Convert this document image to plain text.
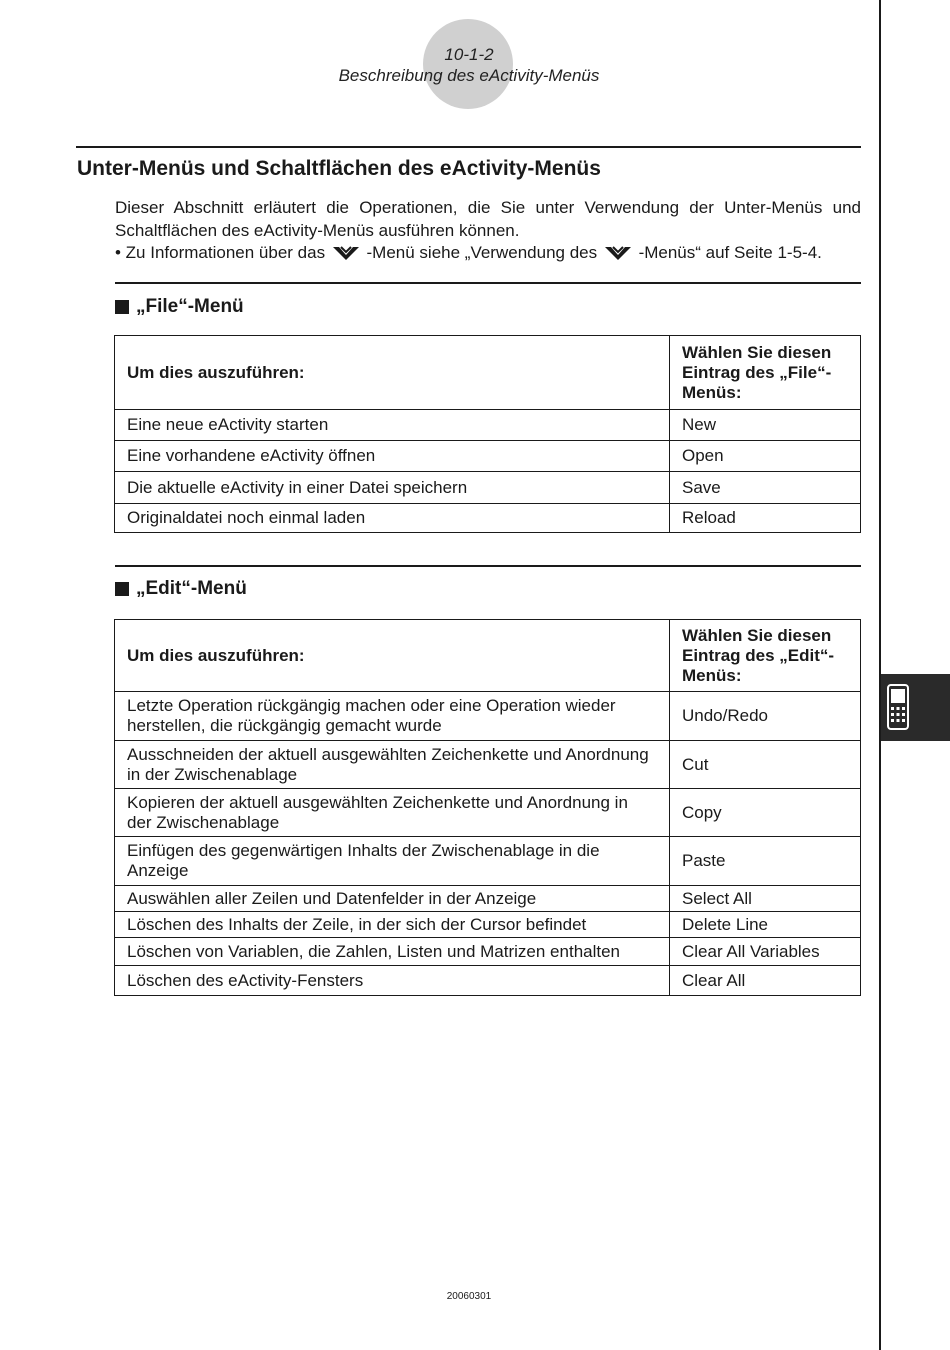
10-1-2
Beschreibung des eActivity-Menüs
Unter-Menüs und Schaltflächen des eActivity-Menüs

Dieser Abschnitt erläutert die Operationen, die Sie unter Verwendung der Unter-Menüs und Schaltflächen des eActivity-Menüs ausführen können.

• Zu Informationen über das  -Menü siehe „Verwendung des  -Menüs“ auf Seite 1-5-4.
„File“-Menü
Um dies auszuführen:	Wählen Sie diesen Eintrag des „File“-Menüs:
Eine neue eActivity starten	New
Eine vorhandene eActivity öffnen	Open
Die aktuelle eActivity in einer Datei speichern	Save
Originaldatei noch einmal laden	Reload
„Edit“-Menü
Um dies auszuführen:	Wählen Sie diesen Eintrag des „Edit“-Menüs:
Letzte Operation rückgängig machen oder eine Operation wieder herstellen, die rückgängig gemacht wurde	Undo/Redo
Ausschneiden der aktuell ausgewählten Zeichenkette und Anordnung in der Zwischenablage	Cut
Kopieren der aktuell ausgewählten Zeichenkette und Anordnung in der Zwischenablage	Copy
Einfügen des gegenwärtigen Inhalts der Zwischenablage in die Anzeige	Paste
Auswählen aller Zeilen und Datenfelder in der Anzeige	Select All
Löschen des Inhalts der Zeile, in der sich der Cursor befindet	Delete Line
Löschen von Variablen, die Zahlen, Listen und Matrizen enthalten	Clear All Variables
Löschen des eActivity-Fensters	Clear All
20060301
